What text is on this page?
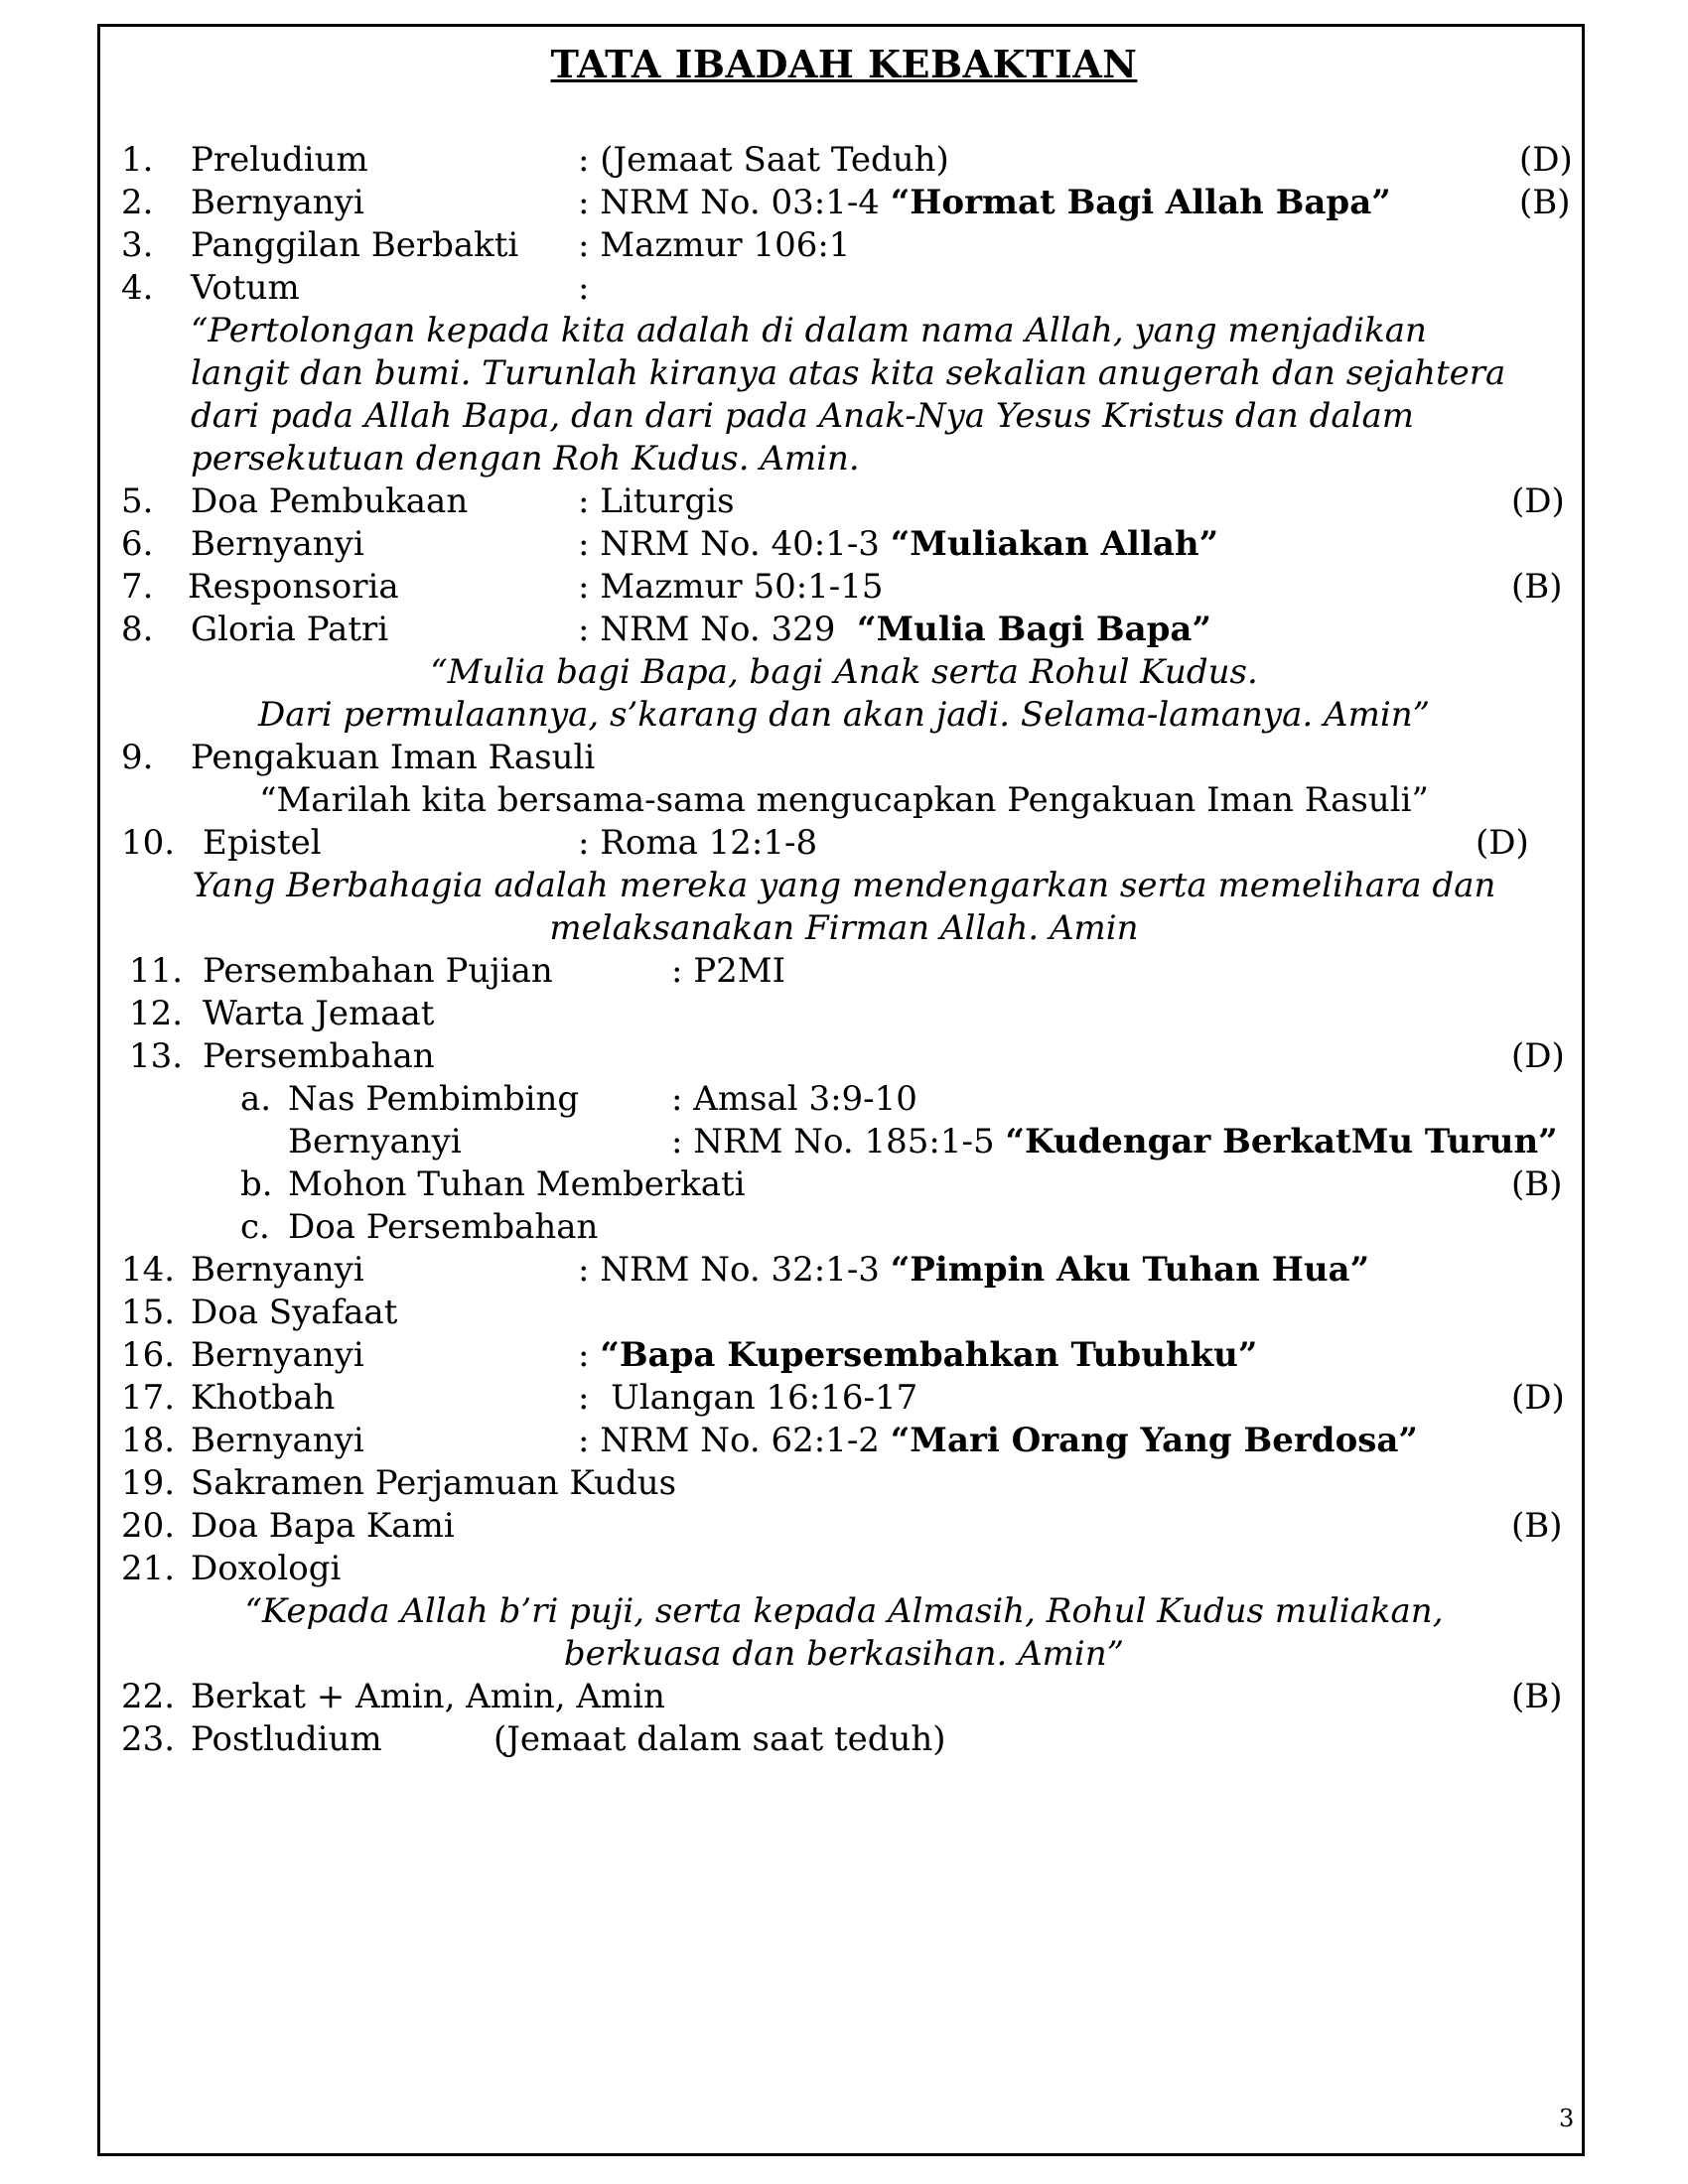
TATA IBADAH KEBAKTIAN
1. Preludium	: (Jemaat Saat Teduh)	(D)
2. Bernyanyi	: NRM No. 03:1-4 “Hormat Bagi Allah Bapa”	(B)
3. Panggilan Berbakti : Mazmur 106:1
4. Votum	:
“Pertolongan kepada kita adalah di dalam nama Allah, yang menjadikan
langit dan bumi. Turunlah kiranya atas kita sekalian anugerah dan sejahtera
dari pada Allah Bapa, dan dari pada Anak-Nya Yesus Kristus dan dalam
persekutuan dengan Roh Kudus. Amin.
5. Doa Pembukaan	: Liturgis	(D)
6. Bernyanyi	: NRM No. 40:1-3 “Muliakan Allah”
7. Responsoria	: Mazmur 50:1-15	(B)
8. Gloria Patri	: NRM No. 329  “Mulia Bagi Bapa”
“Mulia bagi Bapa, bagi Anak serta Rohul Kudus.
Dari permulaannya, s’karang dan akan jadi. Selama-lamanya. Amin”
9. Pengakuan Iman Rasuli
“Marilah kita bersama-sama mengucapkan Pengakuan Iman Rasuli”
10. Epistel	: Roma 12:1-8	(D)
Yang Berbahagia adalah mereka yang mendengarkan serta memelihara dan
melaksanakan Firman Allah. Amin
11. Persembahan Pujian	: P2MI
12. Warta Jemaat
13. Persembahan	(D)
a. Nas Pembimbing	: Amsal 3:9-10
Bernyanyi	: NRM No. 185:1-5 “Kudengar BerkatMu Turun”
b. Mohon Tuhan Memberkati	(B)
c. Doa Persembahan
14. Bernyanyi	: NRM No. 32:1-3 “Pimpin Aku Tuhan Hua”
15. Doa Syafaat
16. Bernyanyi	: “Bapa Kupersembahkan Tubuhku”
17. Khotbah	:  Ulangan 16:16-17	(D)
18. Bernyanyi	: NRM No. 62:1-2 “Mari Orang Yang Berdosa”
19. Sakramen Perjamuan Kudus
20. Doa Bapa Kami	(B)
21. Doxologi
“Kepada Allah b’ri puji, serta kepada Almasih, Rohul Kudus muliakan,
berkuasa dan berkasihan. Amin”
22. Berkat + Amin, Amin, Amin	(B)
23. Postludium	(Jemaat dalam saat teduh)
3
